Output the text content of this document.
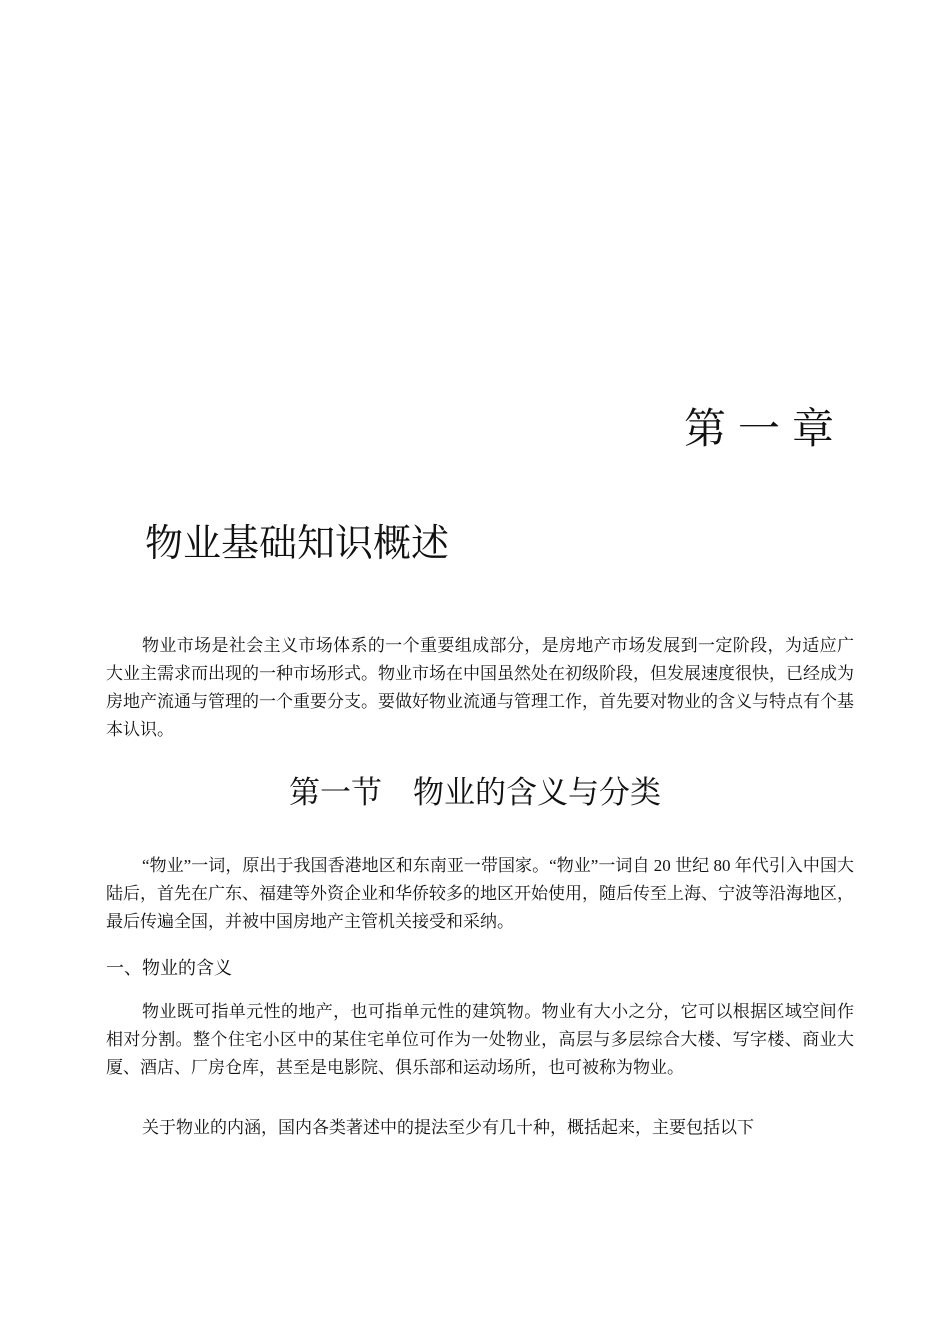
第一章
物业基础知识概述

物业市场是社会主义市场体系的一个重要组成部分，是房地产市场发展到一定阶段，为适应广大业主需求而出现的一种市场形式。物业市场在中国虽然处在初级阶段，但发展速度很快，已经成为房地产流通与管理的一个重要分支。要做好物业流通与管理工作，首先要对物业的含义与特点有个基本认识。

第一节　物业的含义与分类

“物业”一词，原出于我国香港地区和东南亚一带国家。“物业”一词自 20 世纪 80 年代引入中国大陆后，首先在广东、福建等外资企业和华侨较多的地区开始使用，随后传至上海、宁波等沿海地区，最后传遍全国，并被中国房地产主管机关接受和采纳。

一、物业的含义

物业既可指单元性的地产，也可指单元性的建筑物。物业有大小之分，它可以根据区域空间作相对分割。整个住宅小区中的某住宅单位可作为一处物业，高层与多层综合大楼、写字楼、商业大厦、酒店、厂房仓库，甚至是电影院、俱乐部和运动场所，也可被称为物业。

关于物业的内涵，国内各类著述中的提法至少有几十种，概括起来，主要包括以下
